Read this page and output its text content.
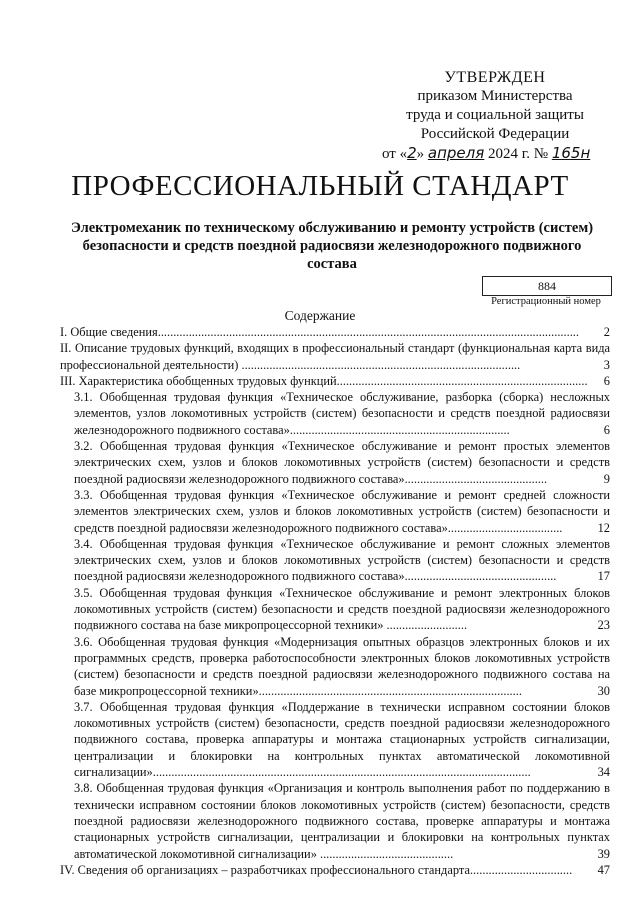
УТВЕРЖДЕН
приказом Министерства
труда и социальной защиты
Российской Федерации
от «2» апреля 2024 г. № 165н
ПРОФЕССИОНАЛЬНЫЙ СТАНДАРТ
Электромеханик по техническому обслуживанию и ремонту устройств (систем) безопасности и средств поездной радиосвязи железнодорожного подвижного состава
884
Регистрационный номер
Содержание
I. Общие сведения........................................................................................................................................	2
II. Описание трудовых функций, входящих в профессиональный стандарт (функциональная карта вида профессиональной деятельности) ..........................................................................................	3
III. Характеристика обобщенных трудовых функций.................................................................................	6
3.1. Обобщенная трудовая функция «Техническое обслуживание, разборка (сборка) несложных элементов, узлов локомотивных устройств (систем) безопасности и средств поездной радиосвязи железнодорожного подвижного состава».......................................................................	6
3.2. Обобщенная трудовая функция «Техническое обслуживание и ремонт простых элементов электрических схем, узлов и блоков локомотивных устройств (систем) безопасности и средств поездной радиосвязи железнодорожного подвижного состава»..............................................	9
3.3. Обобщенная трудовая функция «Техническое обслуживание и ремонт средней сложности элементов электрических схем, узлов и блоков локомотивных устройств (систем) безопасности и средств поездной радиосвязи железнодорожного подвижного состава».....................................	12
3.4. Обобщенная трудовая функция «Техническое обслуживание и ремонт сложных элементов электрических схем, узлов и блоков локомотивных устройств (систем) безопасности и средств поездной радиосвязи железнодорожного подвижного состава».................................................	17
3.5. Обобщенная трудовая функция «Техническое обслуживание и ремонт электронных блоков локомотивных устройств (систем) безопасности и средств поездной радиосвязи железнодорожного подвижного состава на базе микропроцессорной техники» ..........................	23
3.6. Обобщенная трудовая функция «Модернизация опытных образцов электронных блоков и их программных средств, проверка работоспособности электронных блоков локомотивных устройств (систем) безопасности и средств поездной радиосвязи железнодорожного подвижного состава на базе микропроцессорной техники».....................................................................................	30
3.7. Обобщенная трудовая функция «Поддержание в технически исправном состоянии блоков локомотивных устройств (систем) безопасности, средств поездной радиосвязи железнодорожного подвижного состава, проверка аппаратуры и монтажа стационарных устройств сигнализации, централизации и блокировки на контрольных пунктах автоматической локомотивной сигнализации»..........................................................................................................................	34
3.8. Обобщенная трудовая функция «Организация и контроль выполнения работ по поддержанию в технически исправном состоянии блоков локомотивных устройств (систем) безопасности, средств поездной радиосвязи железнодорожного подвижного состава, проверке аппаратуры и монтажа стационарных устройств сигнализации, централизации и блокировки на контрольных пунктах автоматической локомотивной сигнализации» ...........................................	39
IV. Сведения об организациях – разработчиках профессионального стандарта.................................	47
